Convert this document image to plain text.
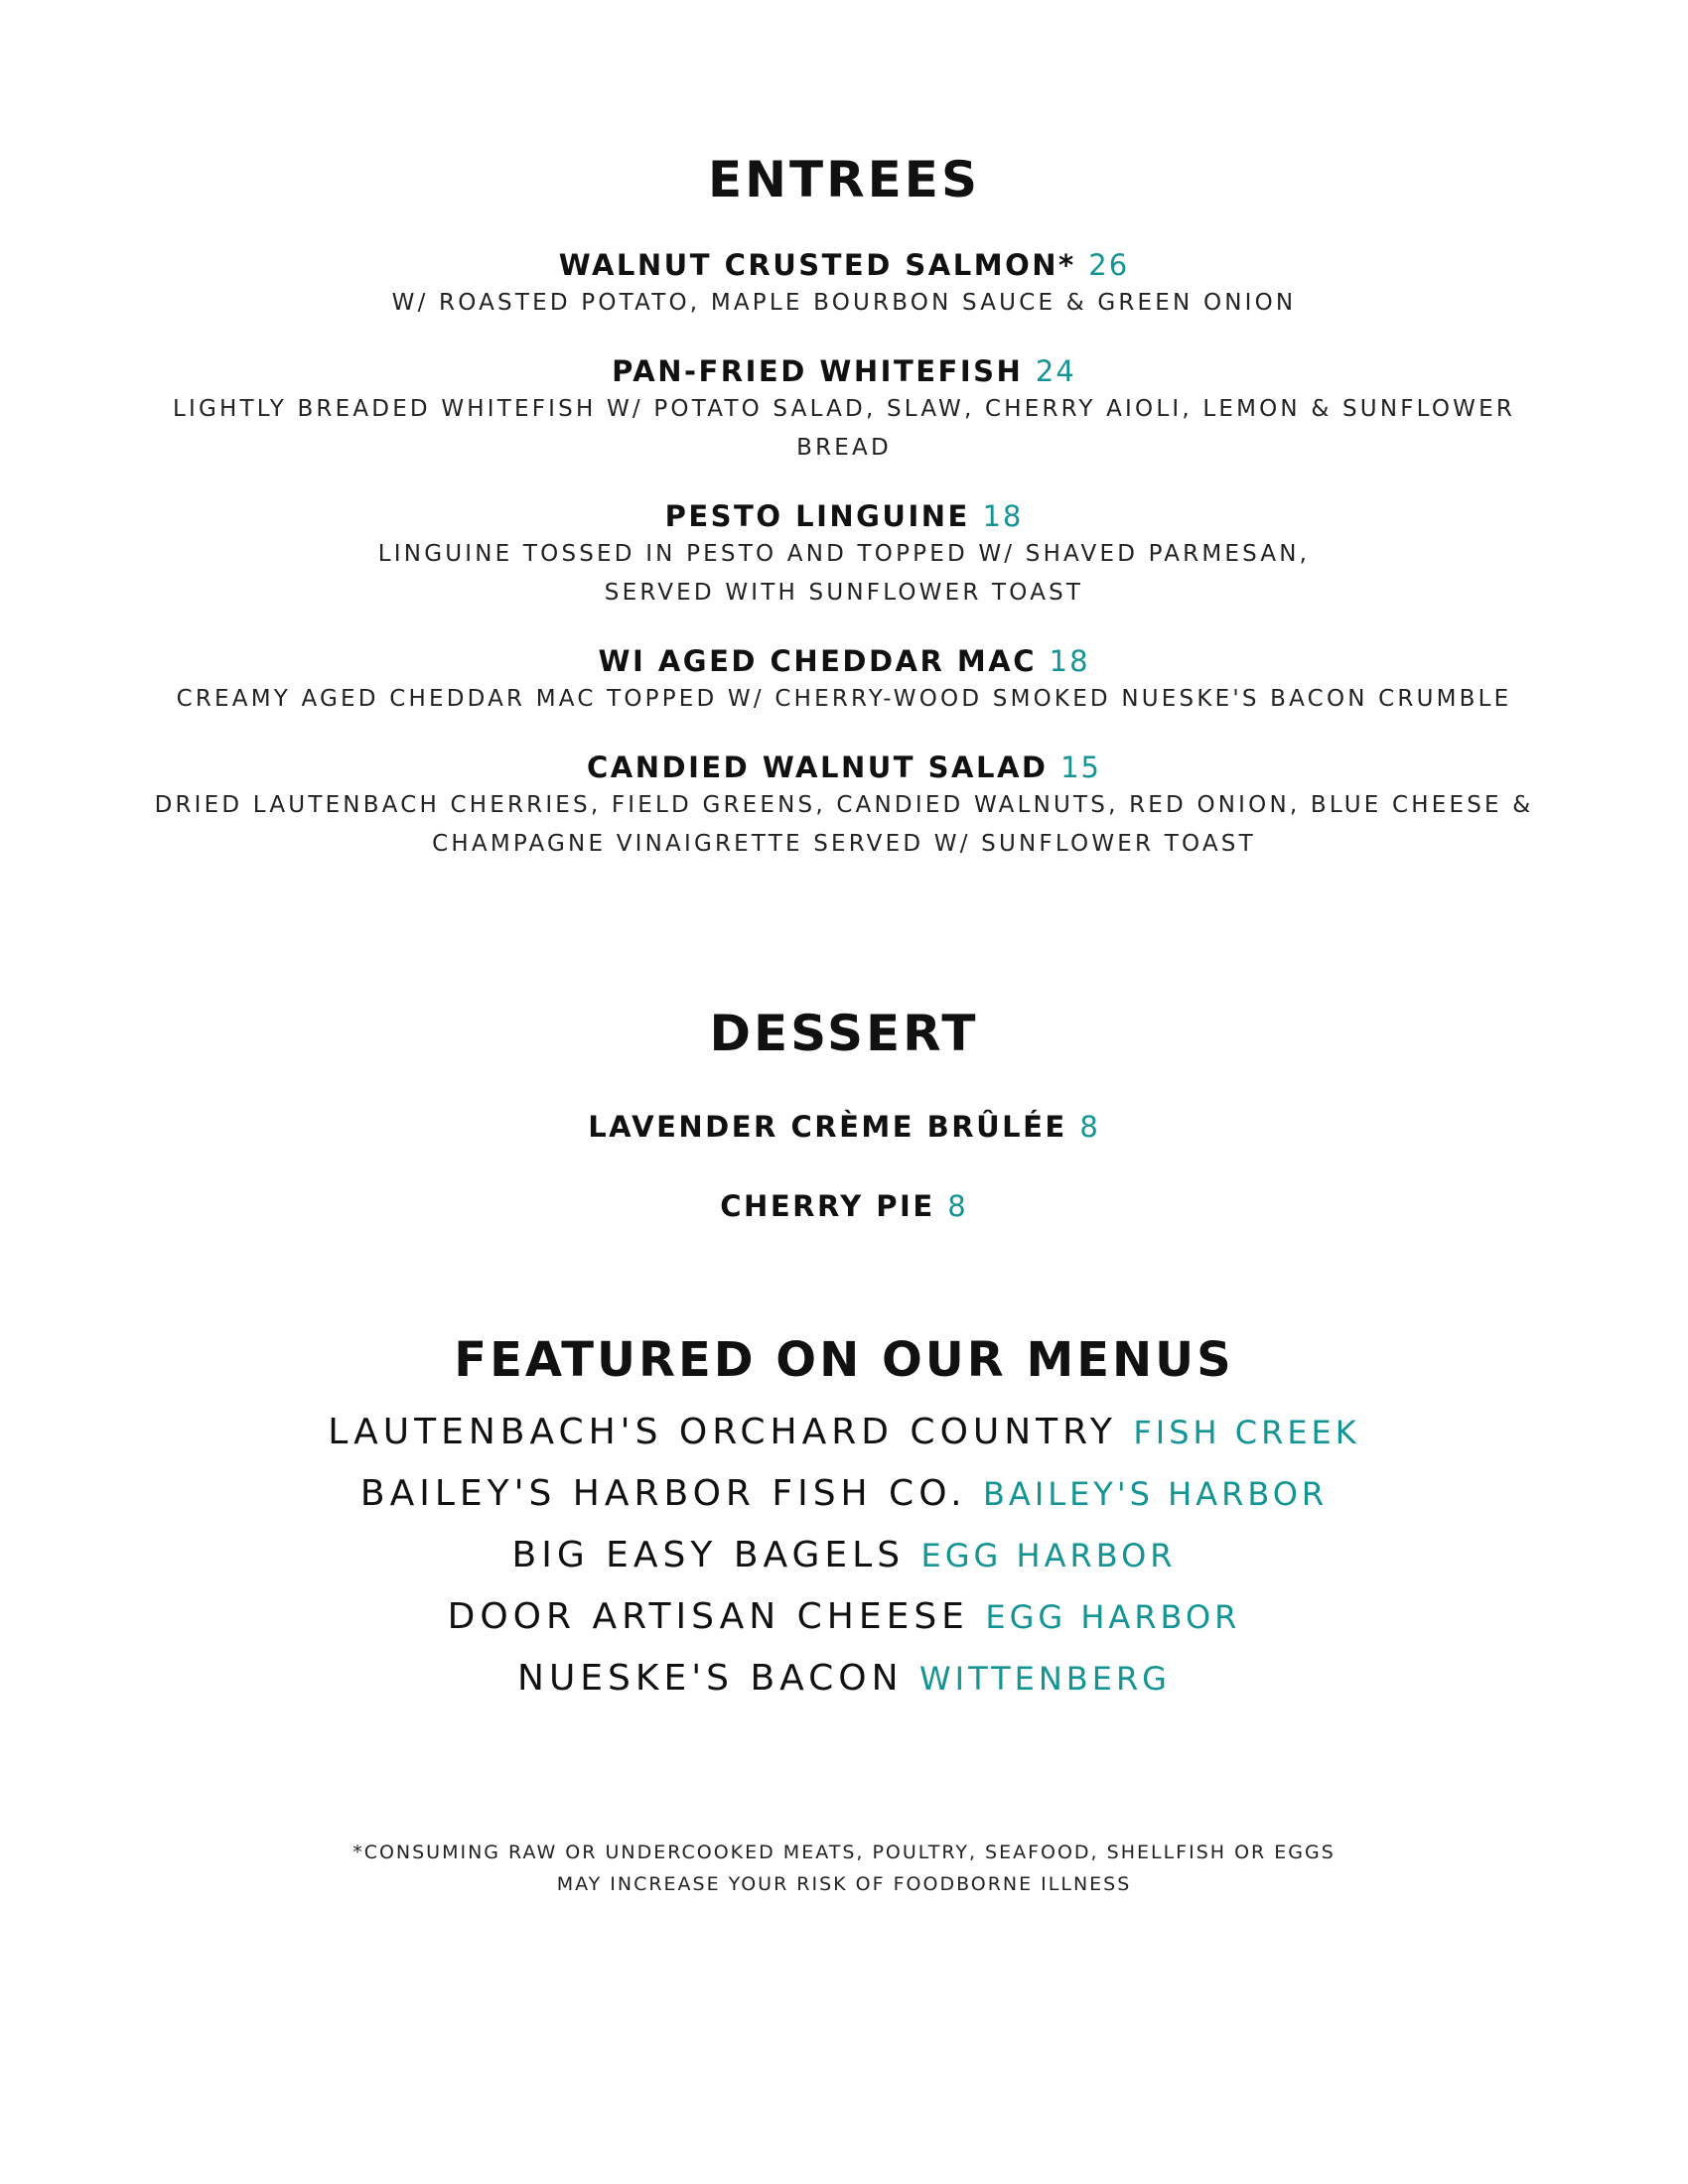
ENTREES
WALNUT CRUSTED SALMON* 26
W/ ROASTED POTATO, MAPLE BOURBON SAUCE & GREEN ONION
PAN-FRIED WHITEFISH 24
LIGHTLY BREADED WHITEFISH W/ POTATO SALAD, SLAW, CHERRY AIOLI, LEMON & SUNFLOWER
BREAD
PESTO LINGUINE 18
LINGUINE TOSSED IN PESTO AND TOPPED W/ SHAVED PARMESAN,
SERVED WITH SUNFLOWER TOAST
WI AGED CHEDDAR MAC 18
CREAMY AGED CHEDDAR MAC TOPPED W/ CHERRY-WOOD SMOKED NUESKE'S BACON CRUMBLE
CANDIED WALNUT SALAD 15
DRIED LAUTENBACH CHERRIES, FIELD GREENS, CANDIED WALNUTS, RED ONION, BLUE CHEESE &
CHAMPAGNE VINAIGRETTE SERVED W/ SUNFLOWER TOAST
DESSERT
LAVENDER CRÈME BRÛLÉE 8
CHERRY PIE 8
FEATURED ON OUR MENUS
LAUTENBACH'S ORCHARD COUNTRY FISH CREEK
BAILEY'S HARBOR FISH CO. BAILEY'S HARBOR
BIG EASY BAGELS EGG HARBOR
DOOR ARTISAN CHEESE EGG HARBOR
NUESKE'S BACON WITTENBERG
*CONSUMING RAW OR UNDERCOOKED MEATS, POULTRY, SEAFOOD, SHELLFISH OR EGGS
MAY INCREASE YOUR RISK OF FOODBORNE ILLNESS
